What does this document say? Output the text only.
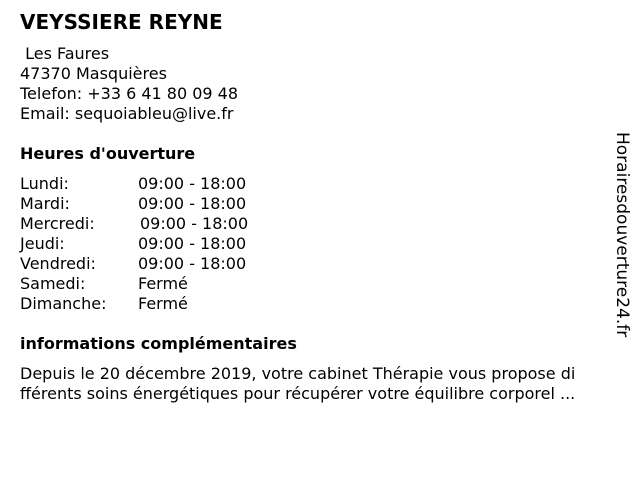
VEYSSIERE REYNE
Les Faures
47370 Masquières
Telefon: +33 6 41 80 09 48
Email: sequoiableu@live.fr
Heures d'ouverture
Lundi:	09:00 - 18:00
Mardi:	09:00 - 18:00
Mercredi:	09:00 - 18:00
Jeudi:	09:00 - 18:00
Vendredi:	09:00 - 18:00
Samedi:	Fermé
Dimanche: Fermé
informations complémentaires
Depuis le 20 décembre 2019, votre cabinet Thérapie vous propose di
fférents soins énergétiques pour récupérer votre équilibre corporel ...
Horairesdouverture24.fr
